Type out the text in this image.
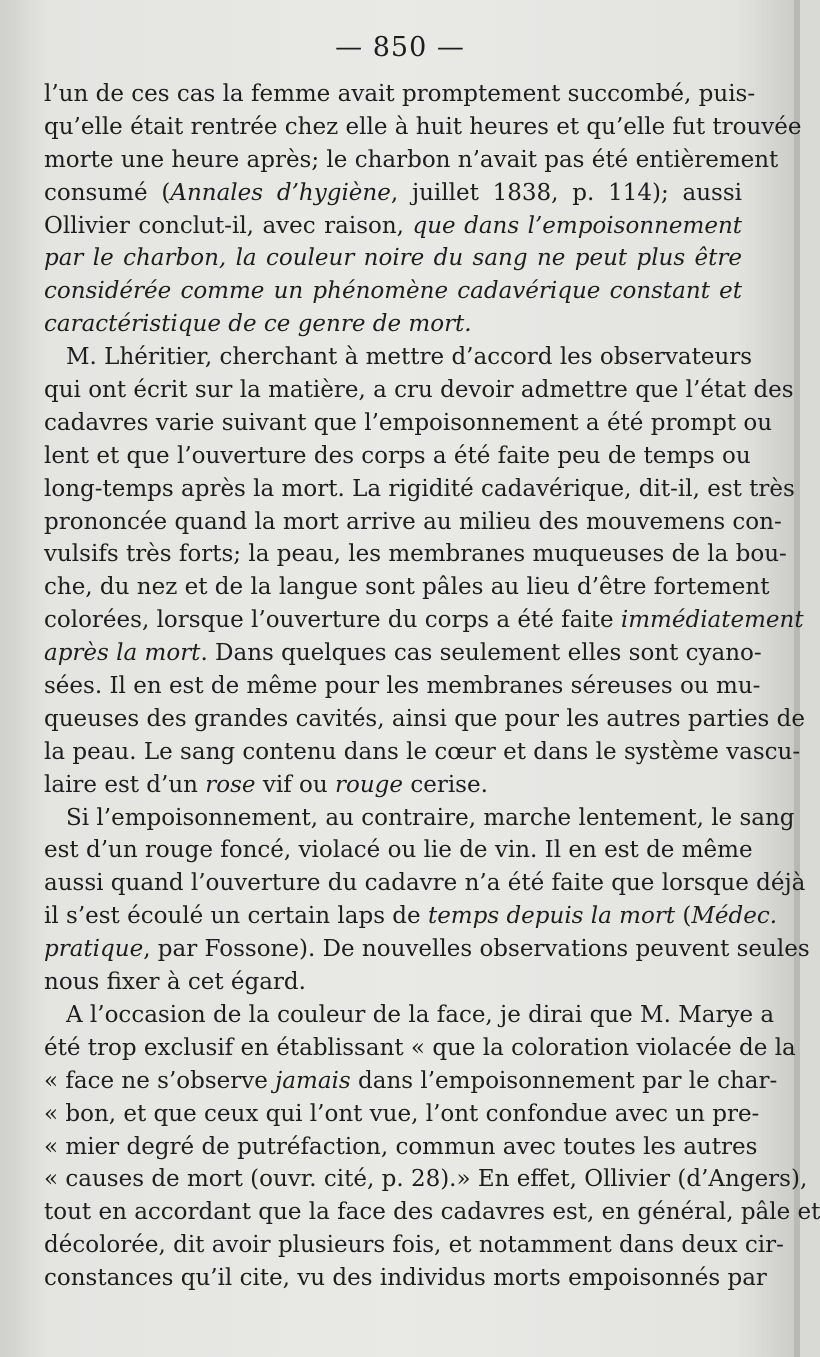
— 850 —
l’un de ces cas la femme avait promptement succombé, puis-
qu’elle était rentrée chez elle à huit heures et qu’elle fut trouvée
morte une heure après; le charbon n’avait pas été entièrement
consumé (Annales d’hygiène, juillet 1838, p. 114); aussi
Ollivier conclut-il, avec raison, que dans l’empoisonnement
par le charbon, la couleur noire du sang ne peut plus être
considérée comme un phénomène cadavérique constant et
caractéristique de ce genre de mort.
M. Lhéritier, cherchant à mettre d’accord les observateurs
qui ont écrit sur la matière, a cru devoir admettre que l’état des
cadavres varie suivant que l’empoisonnement a été prompt ou
lent et que l’ouverture des corps a été faite peu de temps ou
long-temps après la mort. La rigidité cadavérique, dit-il, est très
prononcée quand la mort arrive au milieu des mouvemens con-
vulsifs très forts; la peau, les membranes muqueuses de la bou-
che, du nez et de la langue sont pâles au lieu d’être fortement
colorées, lorsque l’ouverture du corps a été faite immédiatement
après la mort. Dans quelques cas seulement elles sont cyano-
sées. Il en est de même pour les membranes séreuses ou mu-
queuses des grandes cavités, ainsi que pour les autres parties de
la peau. Le sang contenu dans le cœur et dans le système vascu-
laire est d’un rose vif ou rouge cerise.
Si l’empoisonnement, au contraire, marche lentement, le sang
est d’un rouge foncé, violacé ou lie de vin. Il en est de même
aussi quand l’ouverture du cadavre n’a été faite que lorsque déjà
il s’est écoulé un certain laps de temps depuis la mort (Médec.
pratique, par Fossone). De nouvelles observations peuvent seules
nous fixer à cet égard.
A l’occasion de la couleur de la face, je dirai que M. Marye a
été trop exclusif en établissant « que la coloration violacée de la
« face ne s’observe jamais dans l’empoisonnement par le char-
« bon, et que ceux qui l’ont vue, l’ont confondue avec un pre-
« mier degré de putréfaction, commun avec toutes les autres
« causes de mort (ouvr. cité, p. 28).» En effet, Ollivier (d’Angers),
tout en accordant que la face des cadavres est, en général, pâle et
décolorée, dit avoir plusieurs fois, et notamment dans deux cir-
constances qu’il cite, vu des individus morts empoisonnés par
